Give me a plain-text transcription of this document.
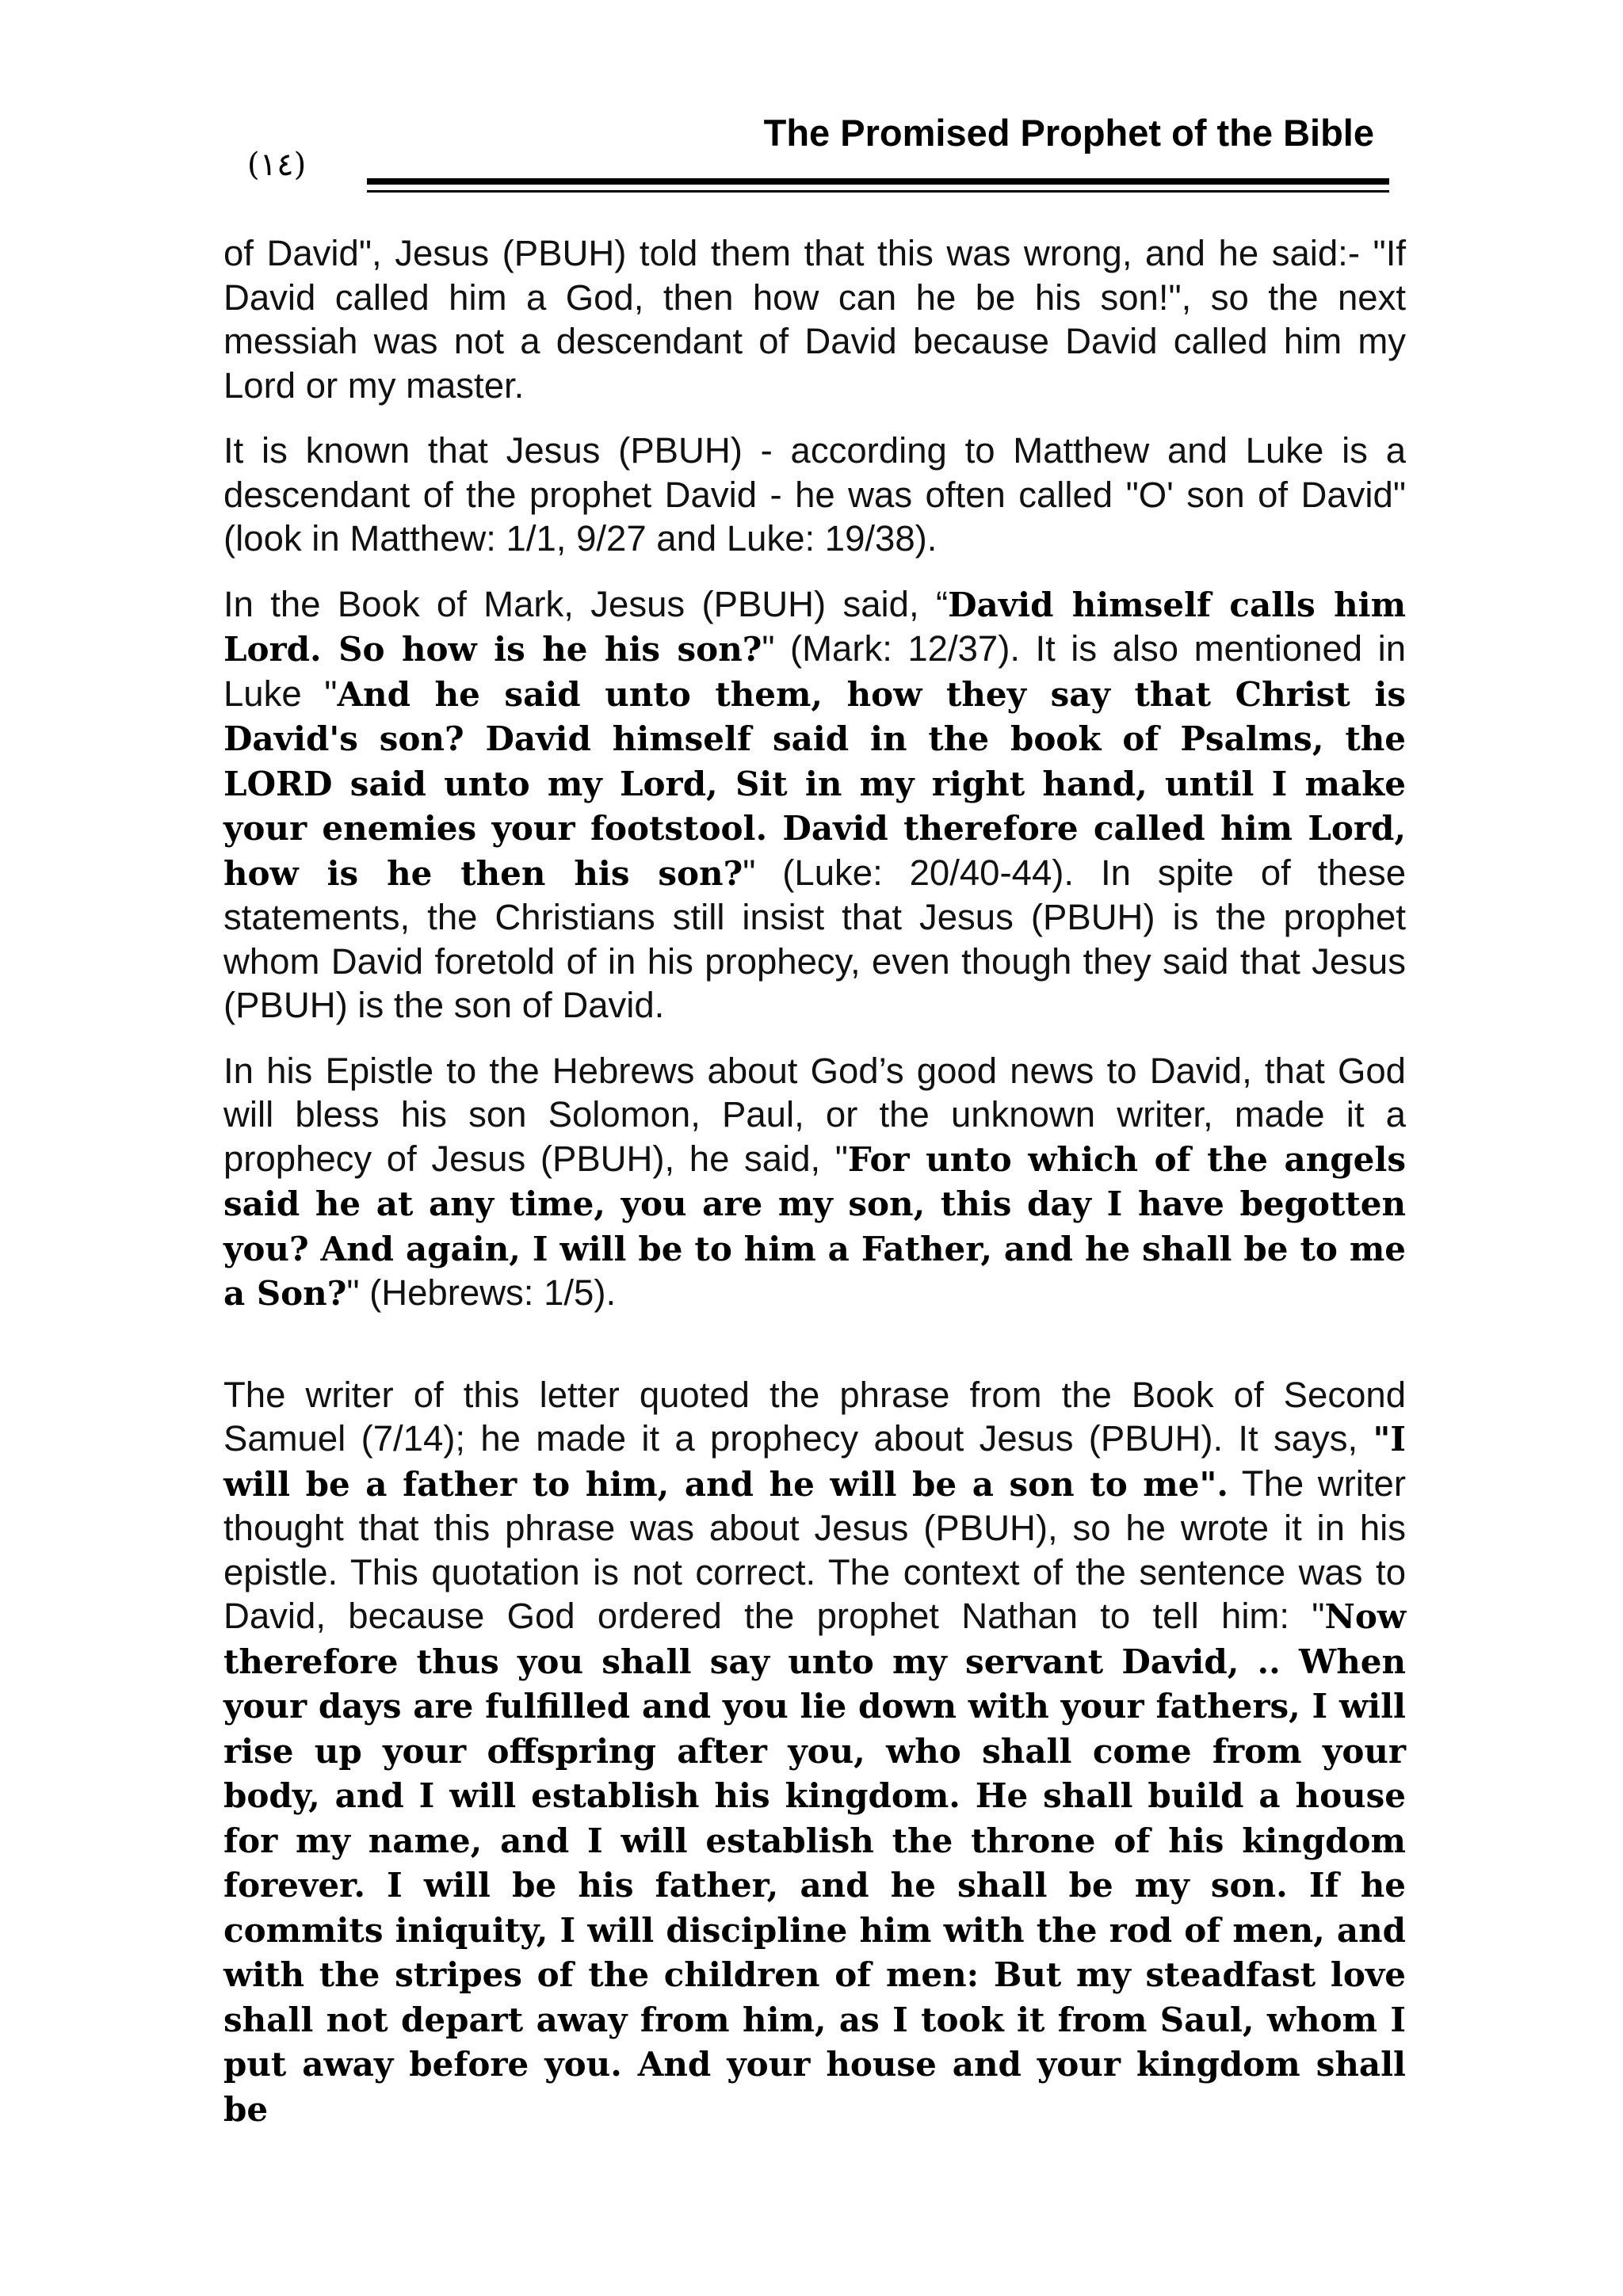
(١٤)
The Promised Prophet of the Bible

of David", Jesus (PBUH) told them that this was wrong, and he said:- "If David called him a God, then how can he be his son!", so the next messiah was not a descendant of David because David called him my Lord or my master.

It is known that Jesus (PBUH) - according to Matthew and Luke is a descendant of the prophet David - he was often called "O' son of David" (look in Matthew: 1/1, 9/27 and Luke: 19/38).

In the Book of Mark, Jesus (PBUH) said, “David himself calls him Lord. So how is he his son?" (Mark: 12/37). It is also mentioned in Luke "And he said unto them, how they say that Christ is David's son? David himself said in the book of Psalms, the LORD said unto my Lord, Sit in my right hand, until I make your enemies your footstool. David therefore called him Lord, how is he then his son?" (Luke: 20/40-44). In spite of these statements, the Christians still insist that Jesus (PBUH) is the prophet whom David foretold of in his prophecy, even though they said that Jesus (PBUH) is the son of David.

In his Epistle to the Hebrews about God’s good news to David, that God will bless his son Solomon, Paul, or the unknown writer, made it a prophecy of Jesus (PBUH), he said, "For unto which of the angels said he at any time, you are my son, this day I have begotten you? And again, I will be to him a Father, and he shall be to me a Son?" (Hebrews: 1/5).

The writer of this letter quoted the phrase from the Book of Second Samuel (7/14); he made it a prophecy about Jesus (PBUH). It says, "I will be a father to him, and he will be a son to me". The writer thought that this phrase was about Jesus (PBUH), so he wrote it in his epistle. This quotation is not correct. The context of the sentence was to David, because God ordered the prophet Nathan to tell him: "Now therefore thus you shall say unto my servant David, .. When your days are fulfilled and you lie down with your fathers, I will rise up your offspring after you, who shall come from your body, and I will establish his kingdom. He shall build a house for my name, and I will establish the throne of his kingdom forever. I will be his father, and he shall be my son. If he commits iniquity, I will discipline him with the rod of men, and with the stripes of the children of men: But my steadfast love shall not depart away from him, as I took it from Saul, whom I put away before you. And your house and your kingdom shall be
